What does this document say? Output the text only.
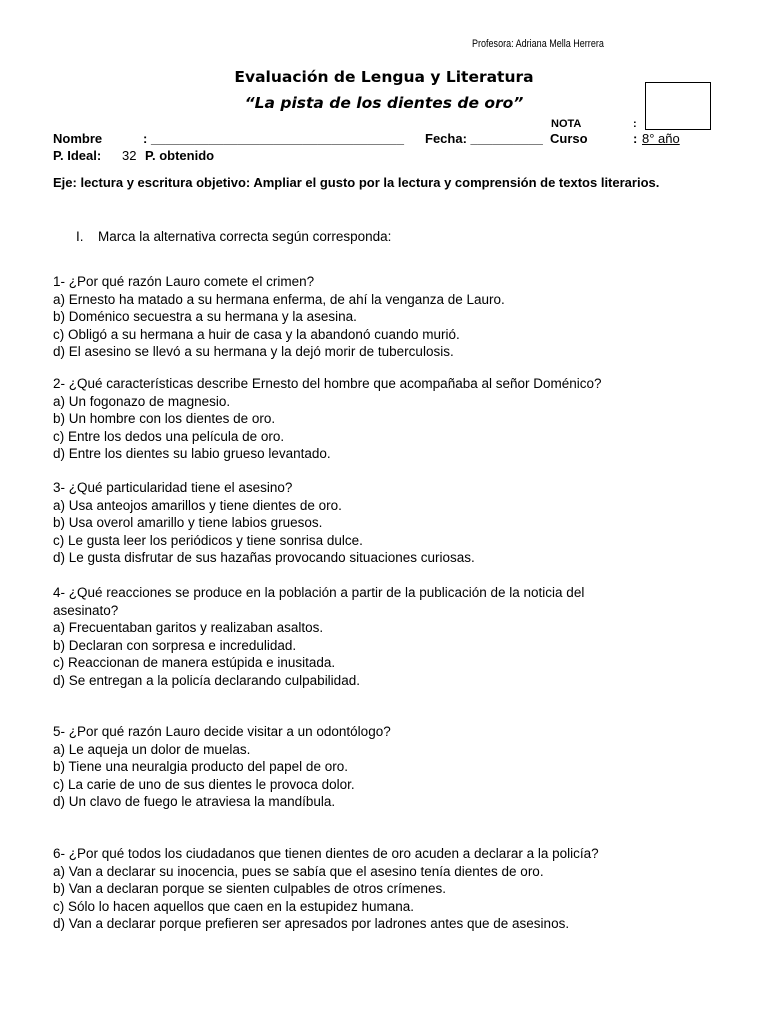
Profesora: Adriana Mella Herrera
Evaluación de Lengua y Literatura
“La pista de los dientes de oro”
NOTA	:
Nombre	: ___________________________________ Fecha: __________ Curso	: 8° año
P. Ideal: 32 P. obtenido
Eje: lectura y escritura objetivo: Ampliar el gusto por la lectura y comprensión de textos literarios.
I. Marca la alternativa correcta según corresponda:

1- ¿Por qué razón Lauro comete el crimen?

a) Ernesto ha matado a su hermana enferma, de ahí la venganza de Lauro.

b) Doménico secuestra a su hermana y la asesina.

c) Obligó a su hermana a huir de casa y la abandonó cuando murió.

d) El asesino se llevó a su hermana y la dejó morir de tuberculosis.

2- ¿Qué características describe Ernesto del hombre que acompañaba al señor Doménico?

a) Un fogonazo de magnesio.

b) Un hombre con los dientes de oro.

c) Entre los dedos una película de oro.

d) Entre los dientes su labio grueso levantado.

3- ¿Qué particularidad tiene el asesino?

a) Usa anteojos amarillos y tiene dientes de oro.

b) Usa overol amarillo y tiene labios gruesos.

c) Le gusta leer los periódicos y tiene sonrisa dulce.

d) Le gusta disfrutar de sus hazañas provocando situaciones curiosas.

4- ¿Qué reacciones se produce en la población a partir de la publicación de la noticia del

asesinato?

a) Frecuentaban garitos y realizaban asaltos.

b) Declaran con sorpresa e incredulidad.

c) Reaccionan de manera estúpida e inusitada.

d) Se entregan a la policía declarando culpabilidad.

5- ¿Por qué razón Lauro decide visitar a un odontólogo?

a) Le aqueja un dolor de muelas.

b) Tiene una neuralgia producto del papel de oro.

c) La carie de uno de sus dientes le provoca dolor.

d) Un clavo de fuego le atraviesa la mandíbula.

6- ¿Por qué todos los ciudadanos que tienen dientes de oro acuden a declarar a la policía?

a) Van a declarar su inocencia, pues se sabía que el asesino tenía dientes de oro.

b) Van a declaran porque se sienten culpables de otros crímenes.

c) Sólo lo hacen aquellos que caen en la estupidez humana.

d) Van a declarar porque prefieren ser apresados por ladrones antes que de asesinos.
